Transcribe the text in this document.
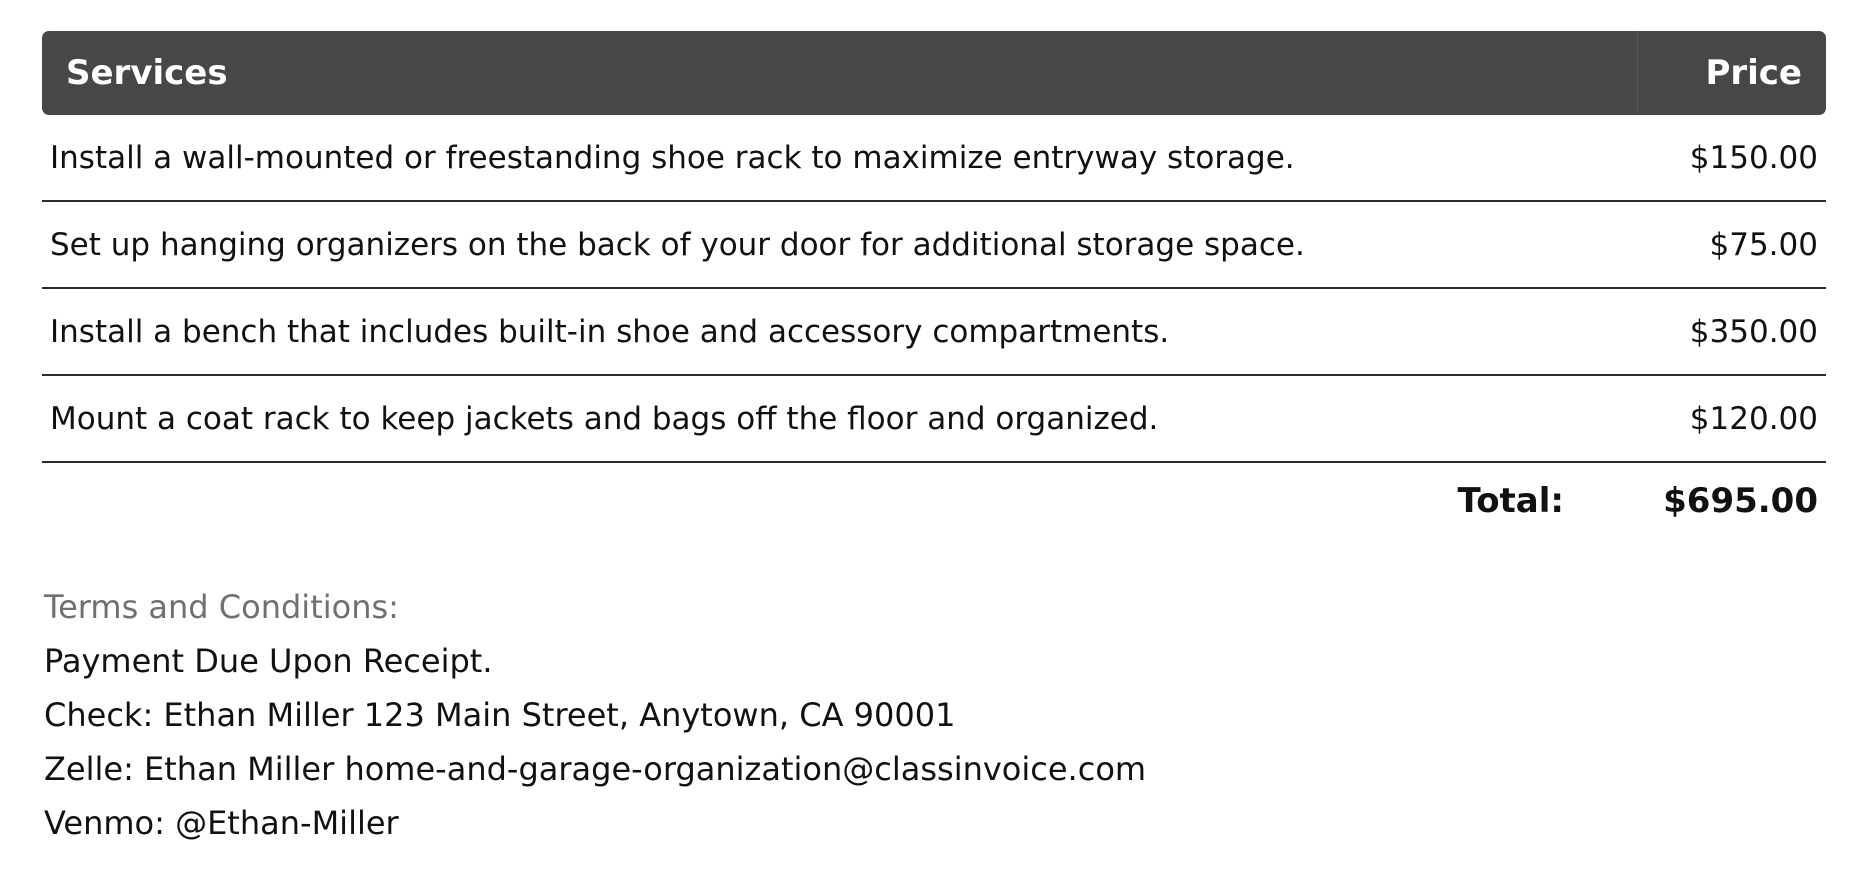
Services	Price
Install a wall-mounted or freestanding shoe rack to maximize entryway storage.	$150.00
Set up hanging organizers on the back of your door for additional storage space.	$75.00
Install a bench that includes built-in shoe and accessory compartments.	$350.00
Mount a coat rack to keep jackets and bags off the floor and organized.	$120.00
Total:	$695.00
Terms and Conditions:
Payment Due Upon Receipt.
Check: Ethan Miller 123 Main Street, Anytown, CA 90001
Zelle: Ethan Miller home-and-garage-organization@classinvoice.com
Venmo: @Ethan-Miller
